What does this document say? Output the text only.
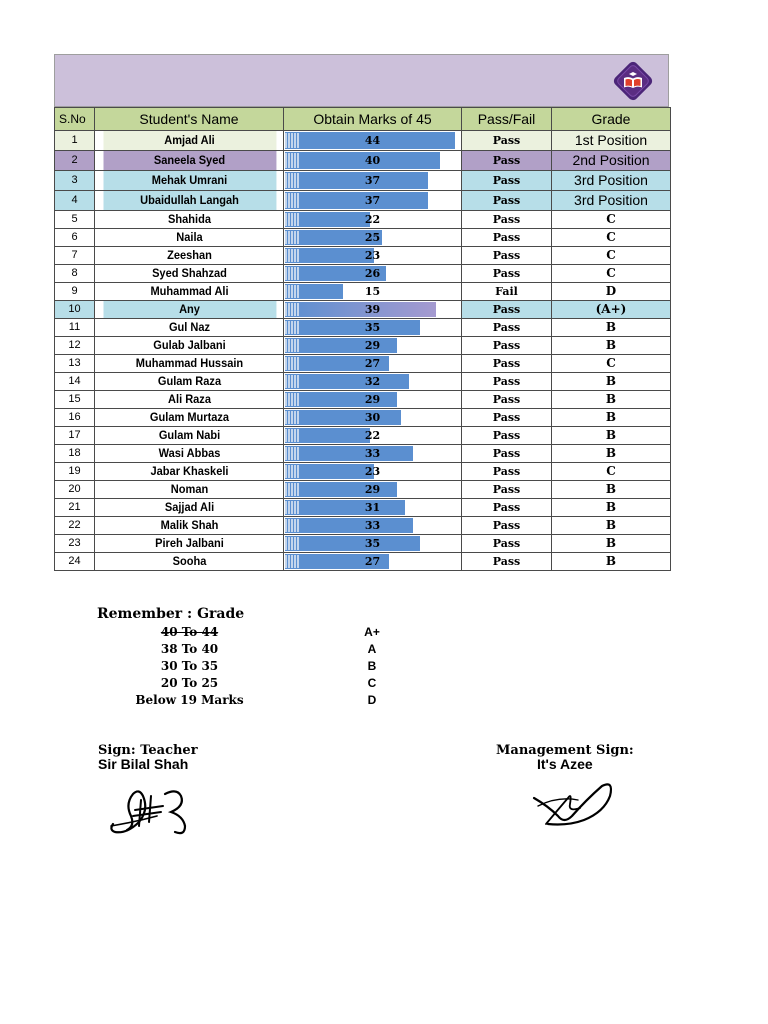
S.No	Student's Name	Obtain Marks of 45	Pass/Fail	Grade
1	Amjad Ali	44	Pass	1st Position
2	Saneela Syed	40	Pass	2nd Position
3	Mehak Umrani	37	Pass	3rd Position
4	Ubaidullah Langah	37	Pass	3rd Position
5	Shahida	22	Pass	C
6	Naila	25	Pass	C
7	Zeeshan	23	Pass	C
8	Syed Shahzad	26	Pass	C
9	Muhammad Ali	15	Fail	D
10	Any	39	Pass	(A+)
11	Gul Naz	35	Pass	B
12	Gulab Jalbani	29	Pass	B
13	Muhammad Hussain	27	Pass	C
14	Gulam Raza	32	Pass	B
15	Ali Raza	29	Pass	B
16	Gulam Murtaza	30	Pass	B
17	Gulam Nabi	22	Pass	B
18	Wasi Abbas	33	Pass	B
19	Jabar Khaskeli	23	Pass	C
20	Noman	29	Pass	B
21	Sajjad Ali	31	Pass	B
22	Malik Shah	33	Pass	B
23	Pireh Jalbani	35	Pass	B
24	Sooha	27	Pass	B
Remember : Grade
40 To 44	A+
38 To 40	A
30 To 35	B
20 To 25	C
Below 19 Marks	D
Sign: Teacher
Sir Bilal Shah
Management Sign:
It's Azee
